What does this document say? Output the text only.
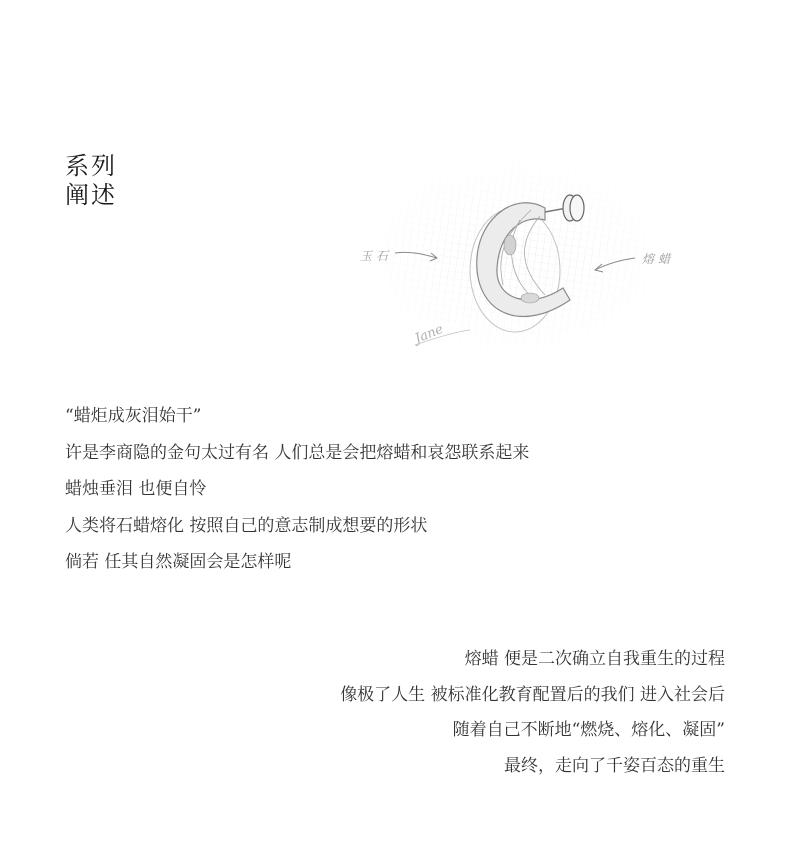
系列
阐述
Jane
玉石	熔蜡
“蜡炬成灰泪始干”
许是李商隐的金句太过有名 人们总是会把熔蜡和哀怨联系起来
蜡烛垂泪 也便自怜
人类将石蜡熔化 按照自己的意志制成想要的形状
倘若 任其自然凝固会是怎样呢
熔蜡 便是二次确立自我重生的过程
像极了人生 被标准化教育配置后的我们 进入社会后
随着自己不断地“燃烧、熔化、凝固”
最终，走向了千姿百态的重生
